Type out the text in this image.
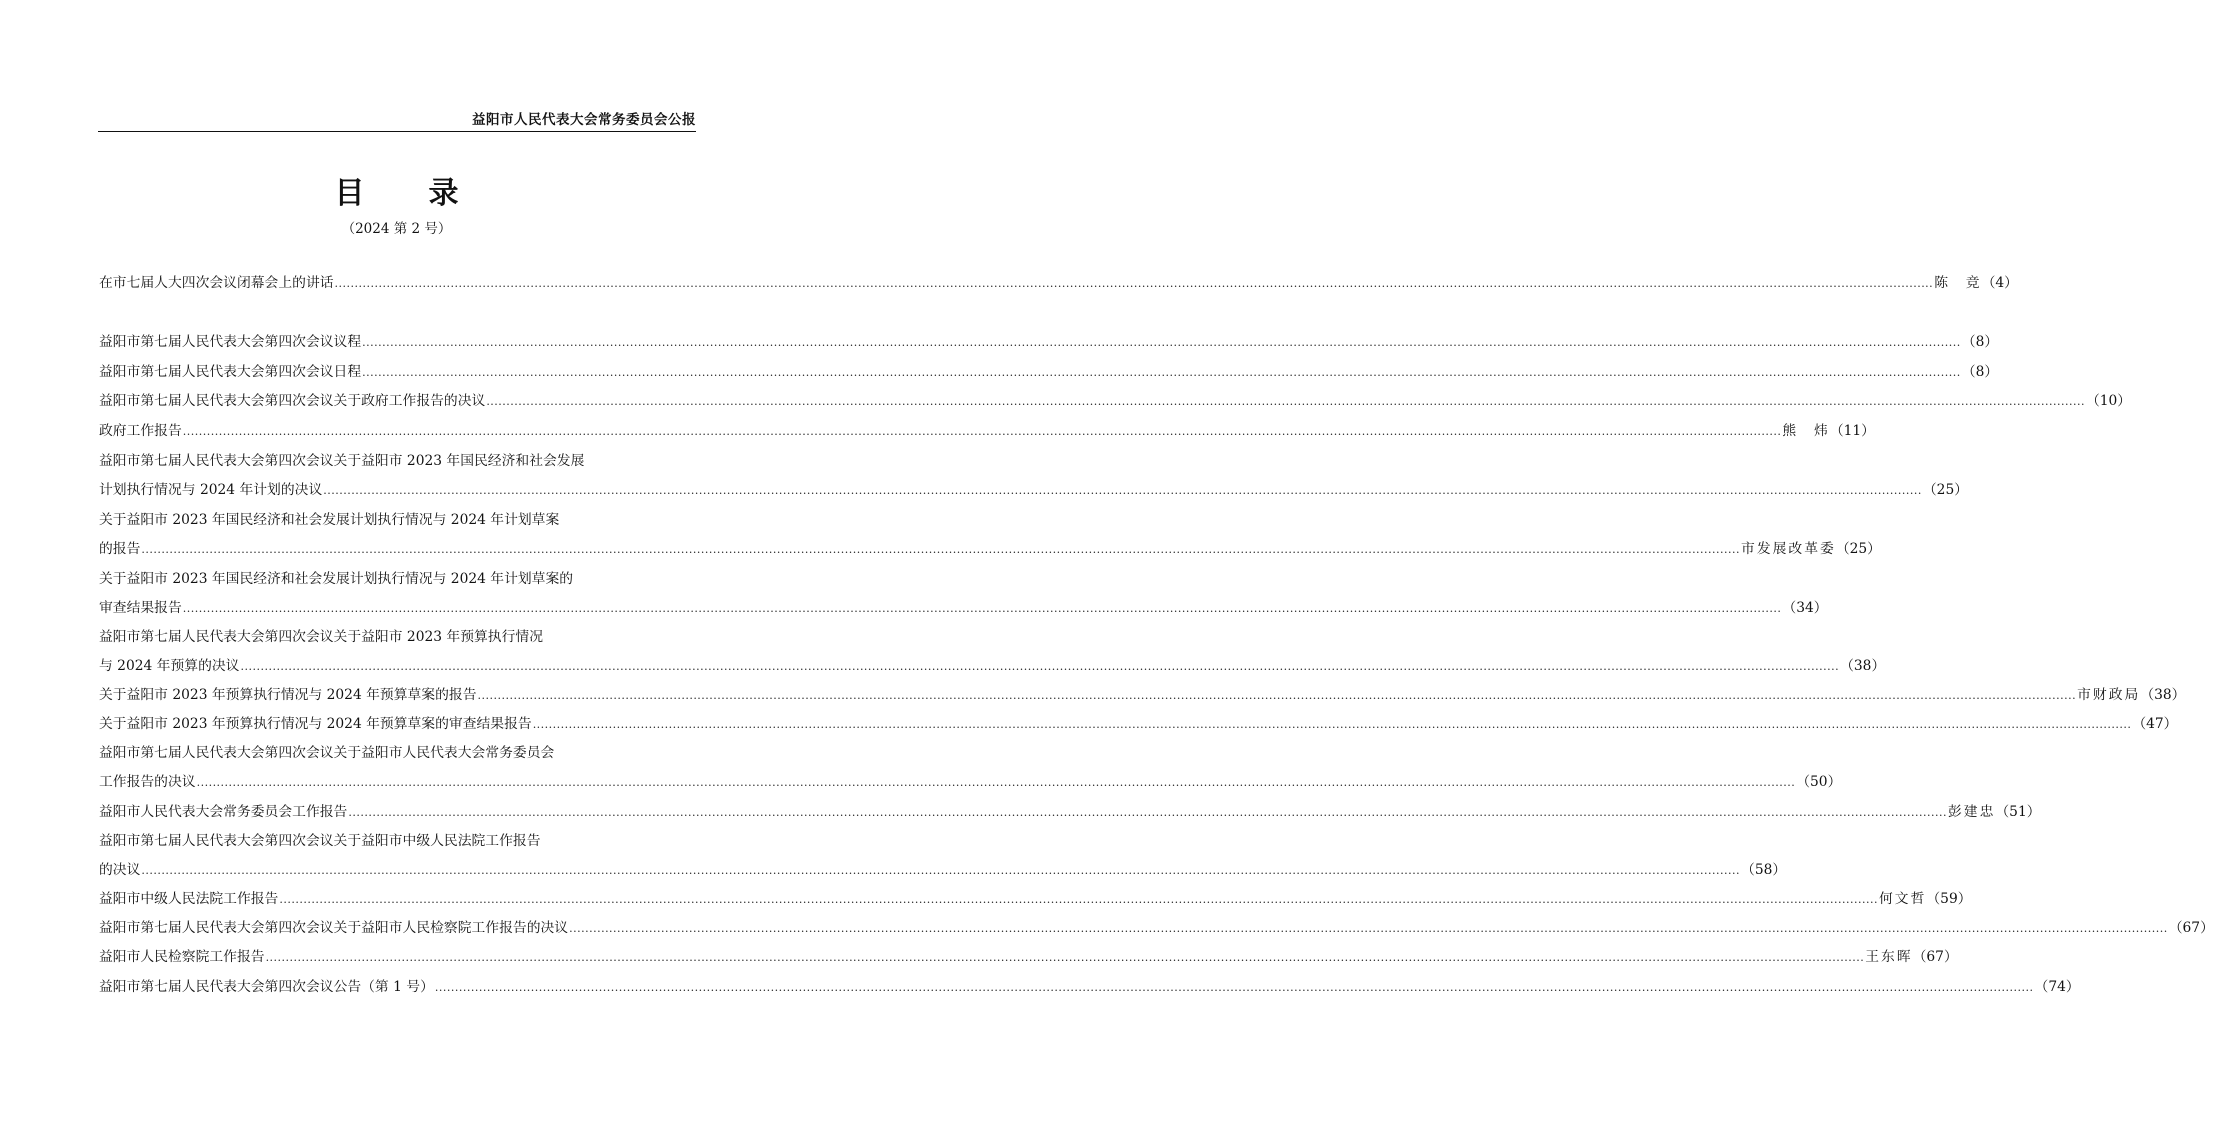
益阳市人民代表大会常务委员会公报
目 录
（2024 第 2 号）
在市七届人大四次会议闭幕会上的讲话 ................................................................................................................................................................................................................................................................................................................................................................................................................ 陈　竞 （4）
益阳市第七届人民代表大会第四次会议议程 ................................................................................................................................................................................................................................................................................................................................................................................................................ （8）
益阳市第七届人民代表大会第四次会议日程 ................................................................................................................................................................................................................................................................................................................................................................................................................ （8）
益阳市第七届人民代表大会第四次会议关于政府工作报告的决议 ................................................................................................................................................................................................................................................................................................................................................................................................................ （10）
政府工作报告 ................................................................................................................................................................................................................................................................................................................................................................................................................ 熊　炜 （11）
益阳市第七届人民代表大会第四次会议关于益阳市 2023 年国民经济和社会发展
计划执行情况与 2024 年计划的决议 ................................................................................................................................................................................................................................................................................................................................................................................................................ （25）
关于益阳市 2023 年国民经济和社会发展计划执行情况与 2024 年计划草案
的报告 ................................................................................................................................................................................................................................................................................................................................................................................................................ 市发展改革委 （25）
关于益阳市 2023 年国民经济和社会发展计划执行情况与 2024 年计划草案的
审查结果报告 ................................................................................................................................................................................................................................................................................................................................................................................................................ （34）
益阳市第七届人民代表大会第四次会议关于益阳市 2023 年预算执行情况
与 2024 年预算的决议 ................................................................................................................................................................................................................................................................................................................................................................................................................ （38）
关于益阳市 2023 年预算执行情况与 2024 年预算草案的报告 ................................................................................................................................................................................................................................................................................................................................................................................................................ 市财政局 （38）
关于益阳市 2023 年预算执行情况与 2024 年预算草案的审查结果报告 ................................................................................................................................................................................................................................................................................................................................................................................................................ （47）
益阳市第七届人民代表大会第四次会议关于益阳市人民代表大会常务委员会
工作报告的决议 ................................................................................................................................................................................................................................................................................................................................................................................................................ （50）
益阳市人民代表大会常务委员会工作报告 ................................................................................................................................................................................................................................................................................................................................................................................................................ 彭建忠 （51）
益阳市第七届人民代表大会第四次会议关于益阳市中级人民法院工作报告
的决议 ................................................................................................................................................................................................................................................................................................................................................................................................................ （58）
益阳市中级人民法院工作报告 ................................................................................................................................................................................................................................................................................................................................................................................................................ 何文哲 （59）
益阳市第七届人民代表大会第四次会议关于益阳市人民检察院工作报告的决议 ................................................................................................................................................................................................................................................................................................................................................................................................................ （67）
益阳市人民检察院工作报告 ................................................................................................................................................................................................................................................................................................................................................................................................................ 王东晖 （67）
益阳市第七届人民代表大会第四次会议公告（第 1 号） ................................................................................................................................................................................................................................................................................................................................................................................................................ （74）
